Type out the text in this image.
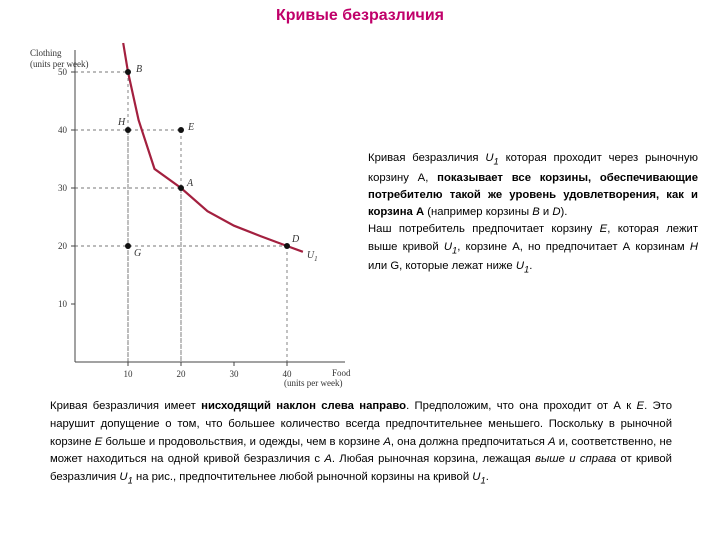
Кривые безразличия
Clothing
(units per week)
Food
(units per week)
10	20	30	40
10
20
30
40
50
$U_1$
B
H	E
A
D
G

Кривая безразличия $U_1$ которая проходит через рыночную корзину А, показывает все корзины, обеспечивающие потребителю такой же уровень удовлетворения, как и корзина А (например корзины B и D).

Наш потребитель предпочитает корзину E, которая лежит выше кривой $U_1$, корзине А, но предпочитает А корзинам H или G, которые лежат ниже $U_1$.

Кривая безразличия имеет нисходящий наклон слева направо. Предположим, что она проходит от А к E. Это нарушит допущение о том, что большее количество всегда предпочтительнее меньшего. Поскольку в рыночной корзине E больше и продовольствия, и одежды, чем в корзине А, она должна предпочитаться А и, соответственно, не может находиться на одной кривой безразличия с А. Любая рыночная корзина, лежащая выше и справа от кривой безразличия $U_1$ на рис., предпочтительнее любой рыночной корзины на кривой $U_1$.
